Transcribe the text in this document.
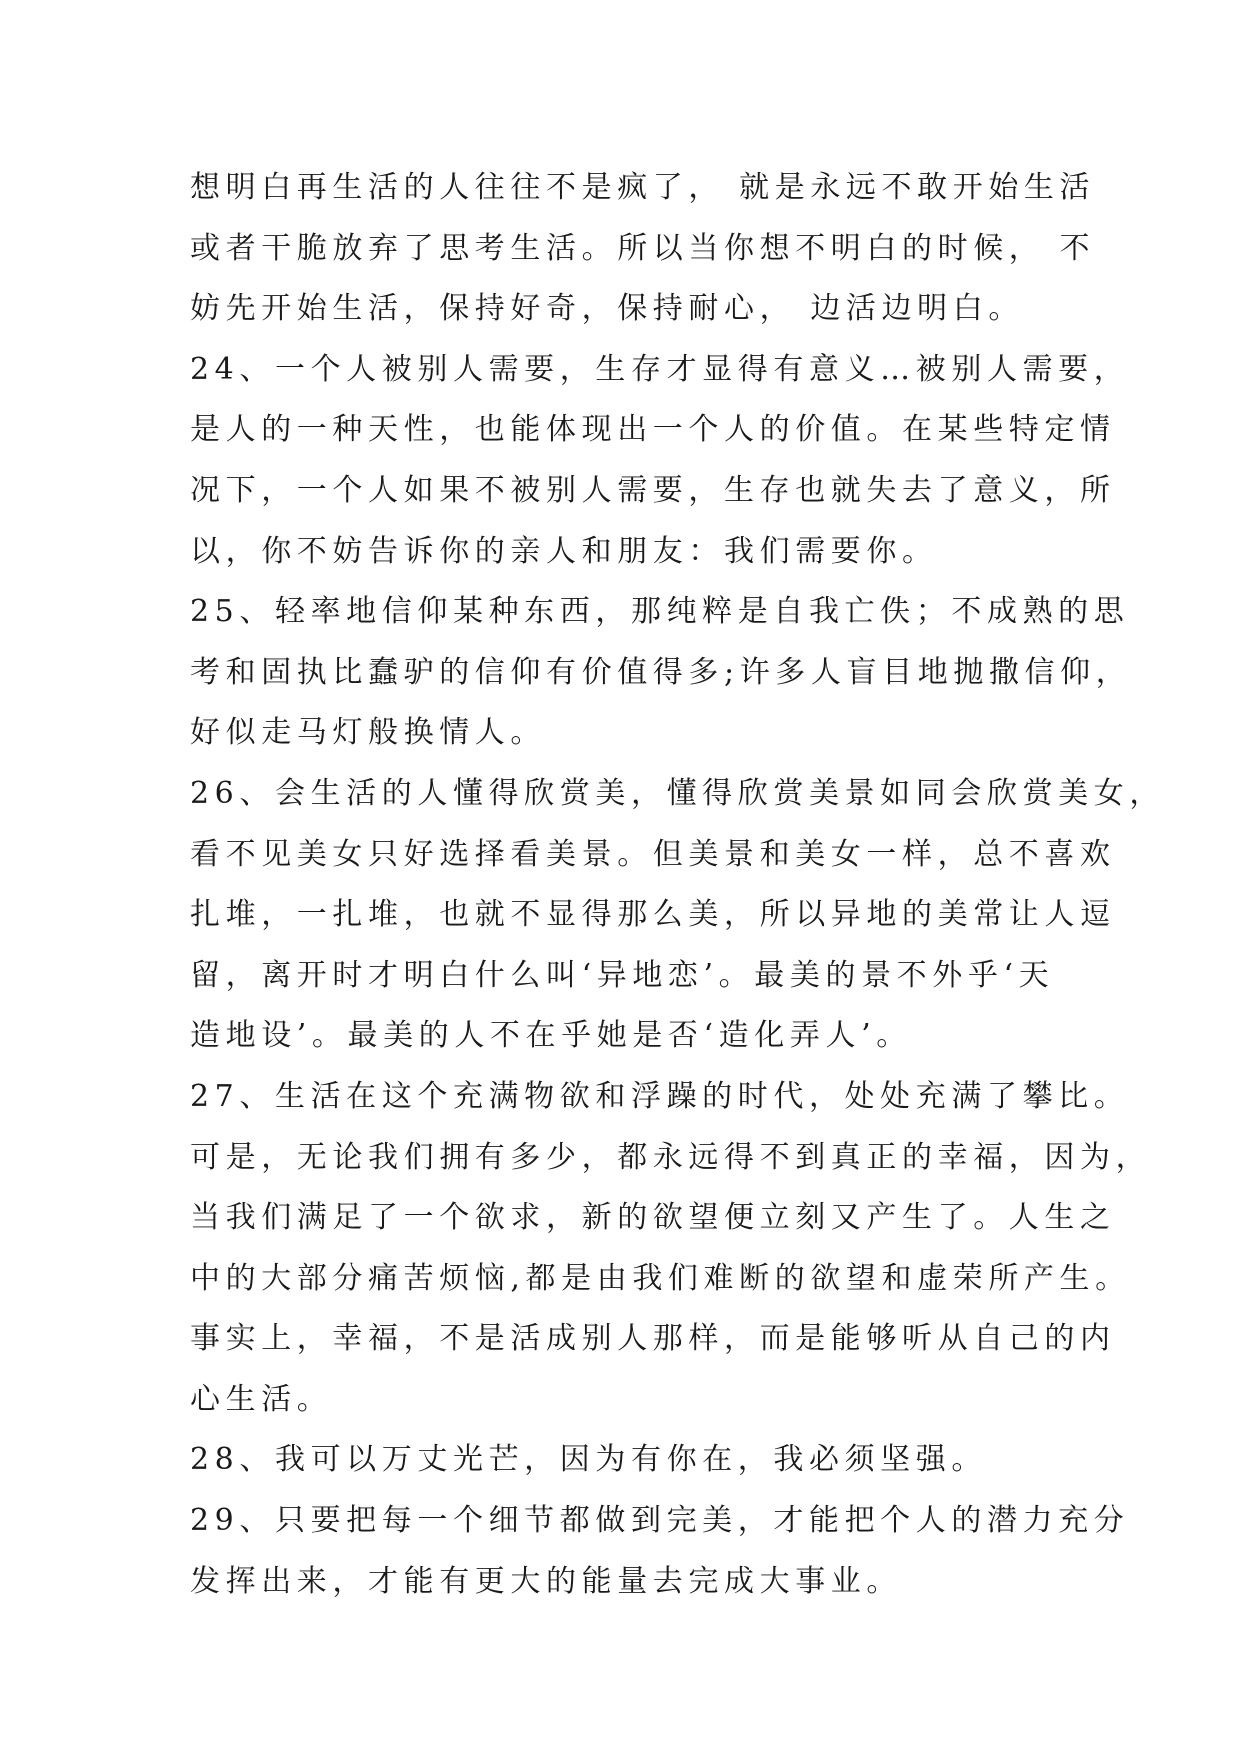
想明白再生活的人往往不是疯了， 就是永远不敢开始生活
或者干脆放弃了思考生活。所以当你想不明白的时候， 不
妨先开始生活，保持好奇，保持耐心， 边活边明白。
24、一个人被别人需要，生存才显得有意义…被别人需要，
是人的一种天性，也能体现出一个人的价值。在某些特定情
况下，一个人如果不被别人需要，生存也就失去了意义，所
以，你不妨告诉你的亲人和朋友：我们需要你。
25、轻率地信仰某种东西，那纯粹是自我亡佚；不成熟的思
考和固执比蠢驴的信仰有价值得多;许多人盲目地抛撒信仰，
好似走马灯般换情人。
26、会生活的人懂得欣赏美，懂得欣赏美景如同会欣赏美女，
看不见美女只好选择看美景。但美景和美女一样，总不喜欢
扎堆，一扎堆，也就不显得那么美，所以异地的美常让人逗
留，离开时才明白什么叫‘异地恋’。最美的景不外乎‘天
造地设’。最美的人不在乎她是否‘造化弄人’。
27、生活在这个充满物欲和浮躁的时代，处处充满了攀比。
可是，无论我们拥有多少，都永远得不到真正的幸福，因为，
当我们满足了一个欲求，新的欲望便立刻又产生了。人生之
中的大部分痛苦烦恼,都是由我们难断的欲望和虚荣所产生。
事实上，幸福，不是活成别人那样，而是能够听从自己的内
心生活。
28、我可以万丈光芒，因为有你在，我必须坚强。
29、只要把每一个细节都做到完美，才能把个人的潜力充分
发挥出来，才能有更大的能量去完成大事业。
